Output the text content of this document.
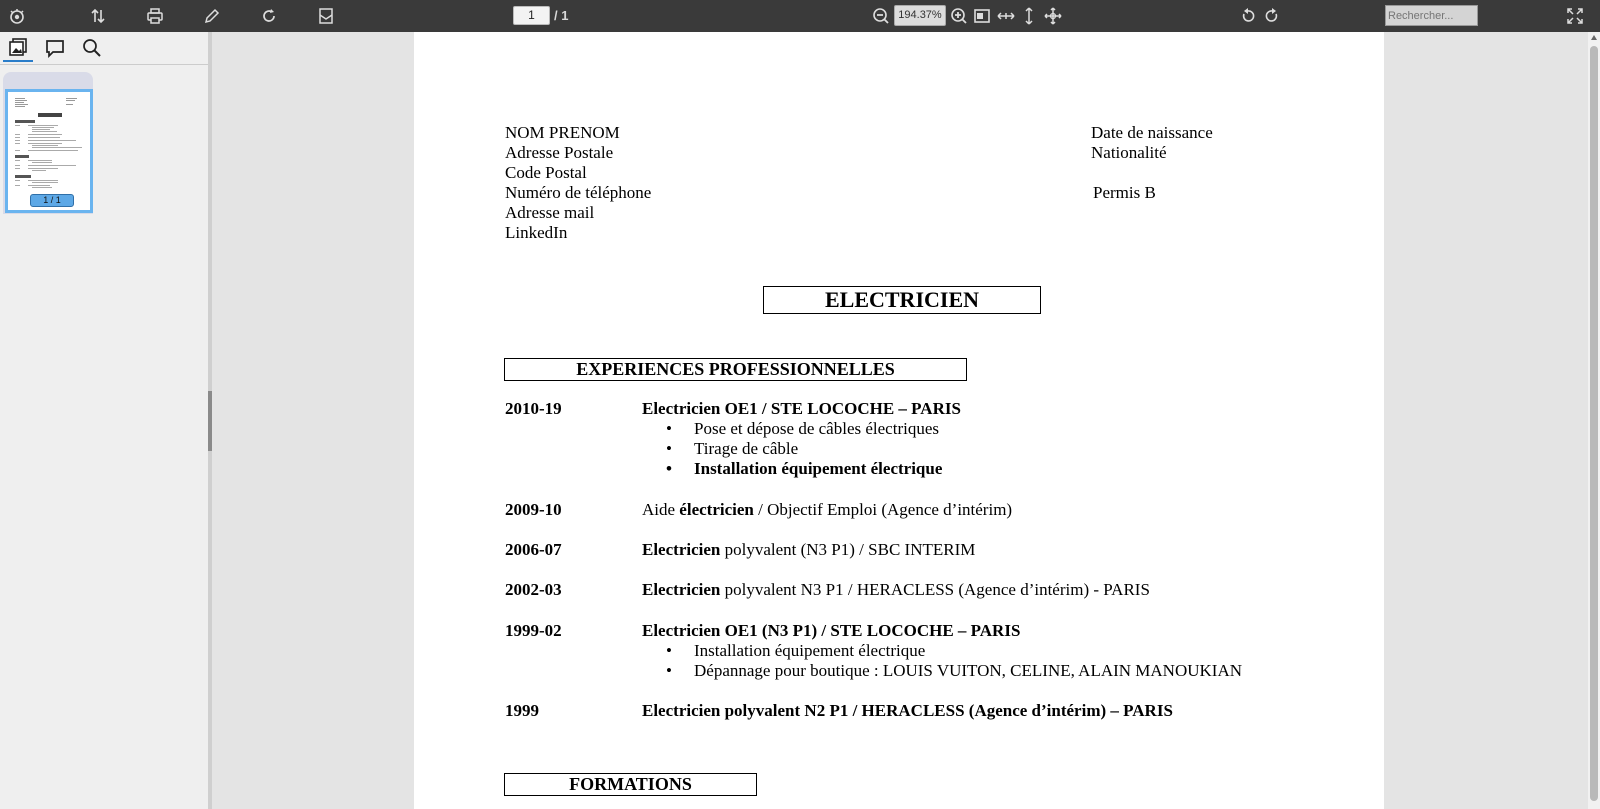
1	/ 1	194.37%
Rechercher...
1 / 1
NOM PRENOM
Adresse Postale
Code Postal
Numéro de téléphone
Adresse mail
LinkedIn
Date de naissance
Nationalité
Permis B
ELECTRICIEN
EXPERIENCES PROFESSIONNELLES
2010-19	Electricien OE1 / STE LOCOCHE – PARIS
• Pose et dépose de câbles électriques
• Tirage de câble
• Installation équipement électrique
2009-10	Aide électricien / Objectif Emploi (Agence d’intérim)
2006-07	Electricien polyvalent (N3 P1) / SBC INTERIM
2002-03	Electricien polyvalent N3 P1 / HERACLESS (Agence d’intérim) - PARIS
1999-02	Electricien OE1 (N3 P1) / STE LOCOCHE – PARIS
• Installation équipement électrique
• Dépannage pour boutique : LOUIS VUITON, CELINE, ALAIN MANOUKIAN
1999	Electricien polyvalent N2 P1 / HERACLESS (Agence d’intérim) – PARIS
FORMATIONS
